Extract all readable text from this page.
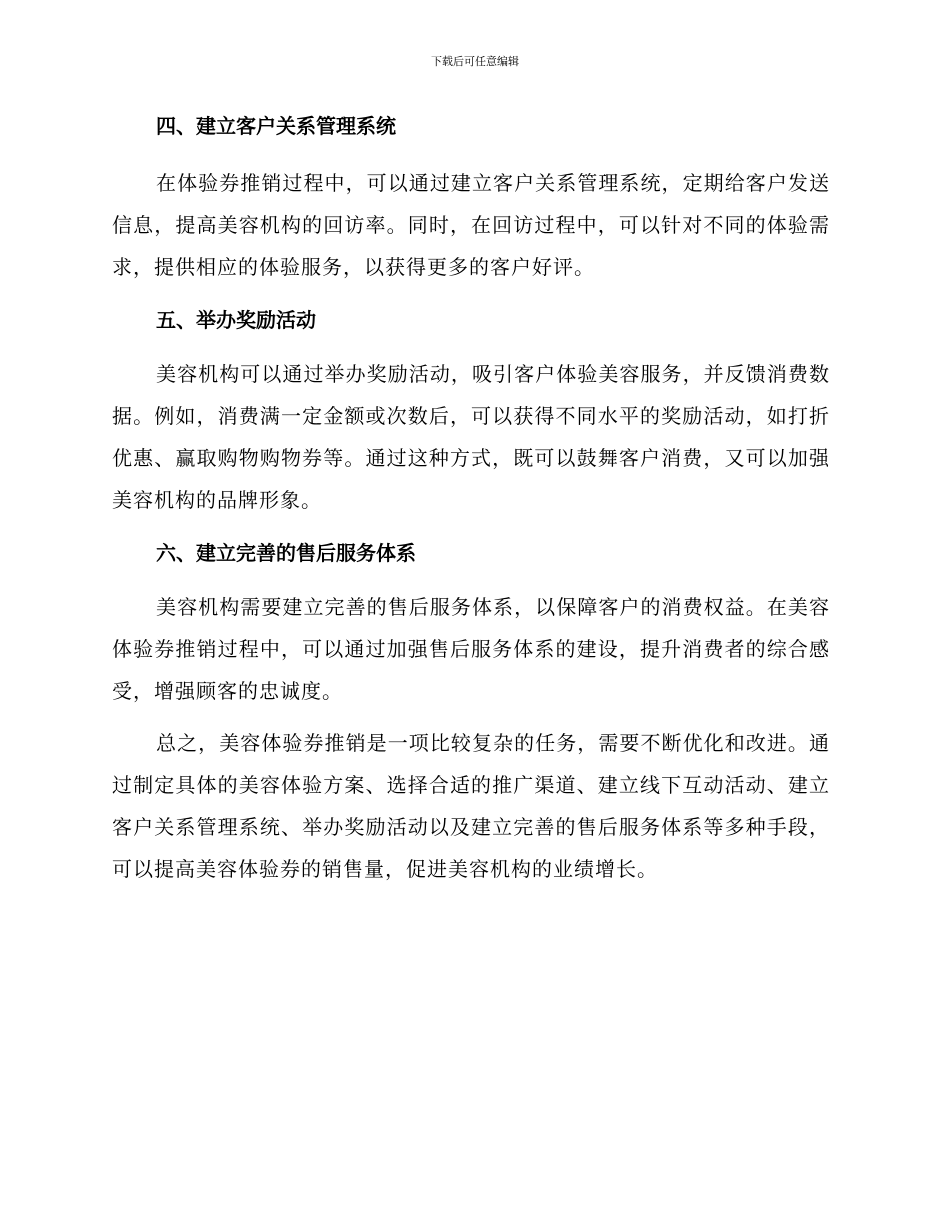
下载后可任意编辑
四、建立客户关系管理系统

在体验券推销过程中，可以通过建立客户关系管理系统，定期给客户发送信息，提高美容机构的回访率。同时，在回访过程中，可以针对不同的体验需求，提供相应的体验服务，以获得更多的客户好评。

五、举办奖励活动

美容机构可以通过举办奖励活动，吸引客户体验美容服务，并反馈消费数据。例如，消费满一定金额或次数后，可以获得不同水平的奖励活动，如打折优惠、赢取购物购物券等。通过这种方式，既可以鼓舞客户消费，又可以加强美容机构的品牌形象。

六、建立完善的售后服务体系

美容机构需要建立完善的售后服务体系，以保障客户的消费权益。在美容体验券推销过程中，可以通过加强售后服务体系的建设，提升消费者的综合感受，增强顾客的忠诚度。

总之，美容体验券推销是一项比较复杂的任务，需要不断优化和改进。通过制定具体的美容体验方案、选择合适的推广渠道、建立线下互动活动、建立客户关系管理系统、举办奖励活动以及建立完善的售后服务体系等多种手段，可以提高美容体验券的销售量，促进美容机构的业绩增长。
